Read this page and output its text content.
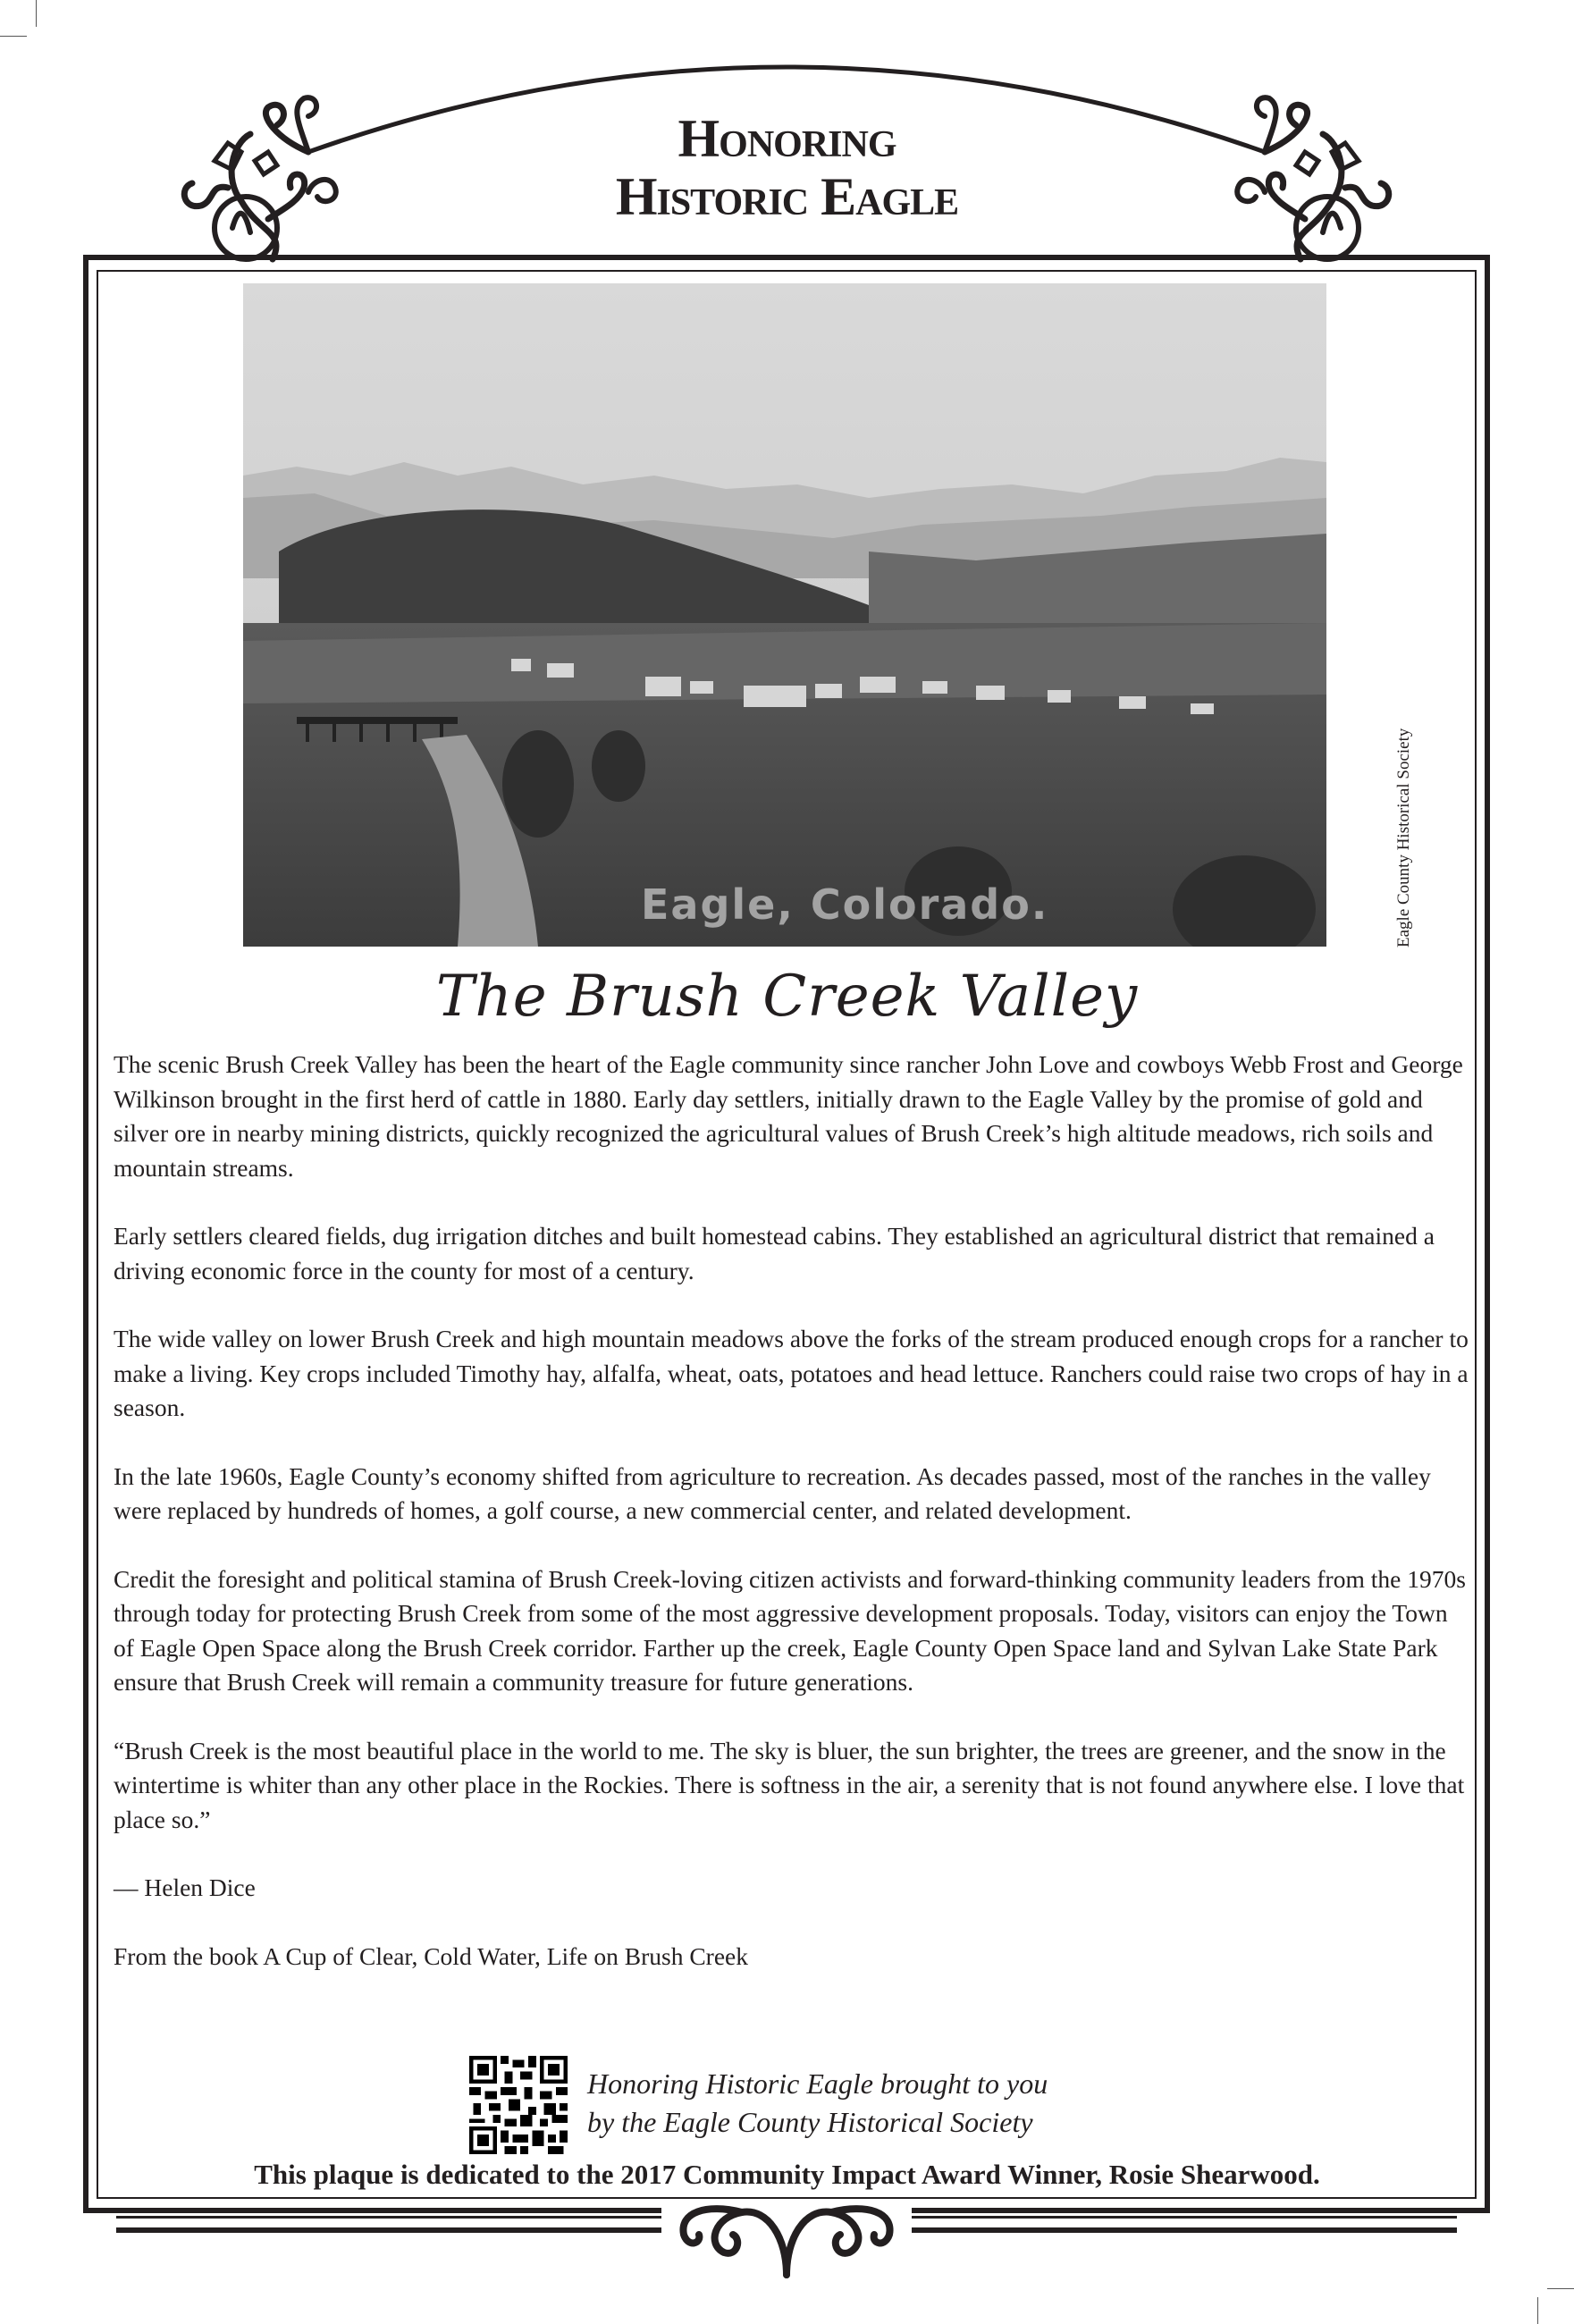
Honoring
Historic Eagle
Eagle, Colorado.	Eagle County Historical Society
The Brush Creek Valley

The scenic Brush Creek Valley has been the heart of the Eagle community since rancher John Love and cowboys Webb Frost and George Wilkinson brought in the first herd of cattle in 1880. Early day settlers, initially drawn to the Eagle Valley by the promise of gold and silver ore in nearby mining districts, quickly recognized the agricultural values of Brush Creek’s high altitude meadows, rich soils and mountain streams.

Early settlers cleared fields, dug irrigation ditches and built homestead cabins. They established an agricultural district that remained a driving economic force in the county for most of a century.

The wide valley on lower Brush Creek and high mountain meadows above the forks of the stream produced enough crops for a rancher to make a living. Key crops included Timothy hay, alfalfa, wheat, oats, potatoes and head lettuce. Ranchers could raise two crops of hay in a season.

In the late 1960s, Eagle County’s economy shifted from agriculture to recreation. As decades passed, most of the ranches in the valley were replaced by hundreds of homes, a golf course, a new commercial center, and related development.

Credit the foresight and political stamina of Brush Creek-loving citizen activists and forward-thinking community leaders from the 1970s through today for protecting Brush Creek from some of the most aggressive development proposals. Today, visitors can enjoy the Town of Eagle Open Space along the Brush Creek corridor. Farther up the creek, Eagle County Open Space land and Sylvan Lake State Park ensure that Brush Creek will remain a community treasure for future generations.

“Brush Creek is the most beautiful place in the world to me. The sky is bluer, the sun brighter, the trees are greener, and the snow in the wintertime is whiter than any other place in the Rockies. There is softness in the air, a serenity that is not found anywhere else. I love that place so.”

— Helen Dice

From the book A Cup of Clear, Cold Water, Life on Brush Creek

Honoring Historic Eagle brought to you
by the Eagle County Historical Society
This plaque is dedicated to the 2017 Community Impact Award Winner, Rosie Shearwood.
